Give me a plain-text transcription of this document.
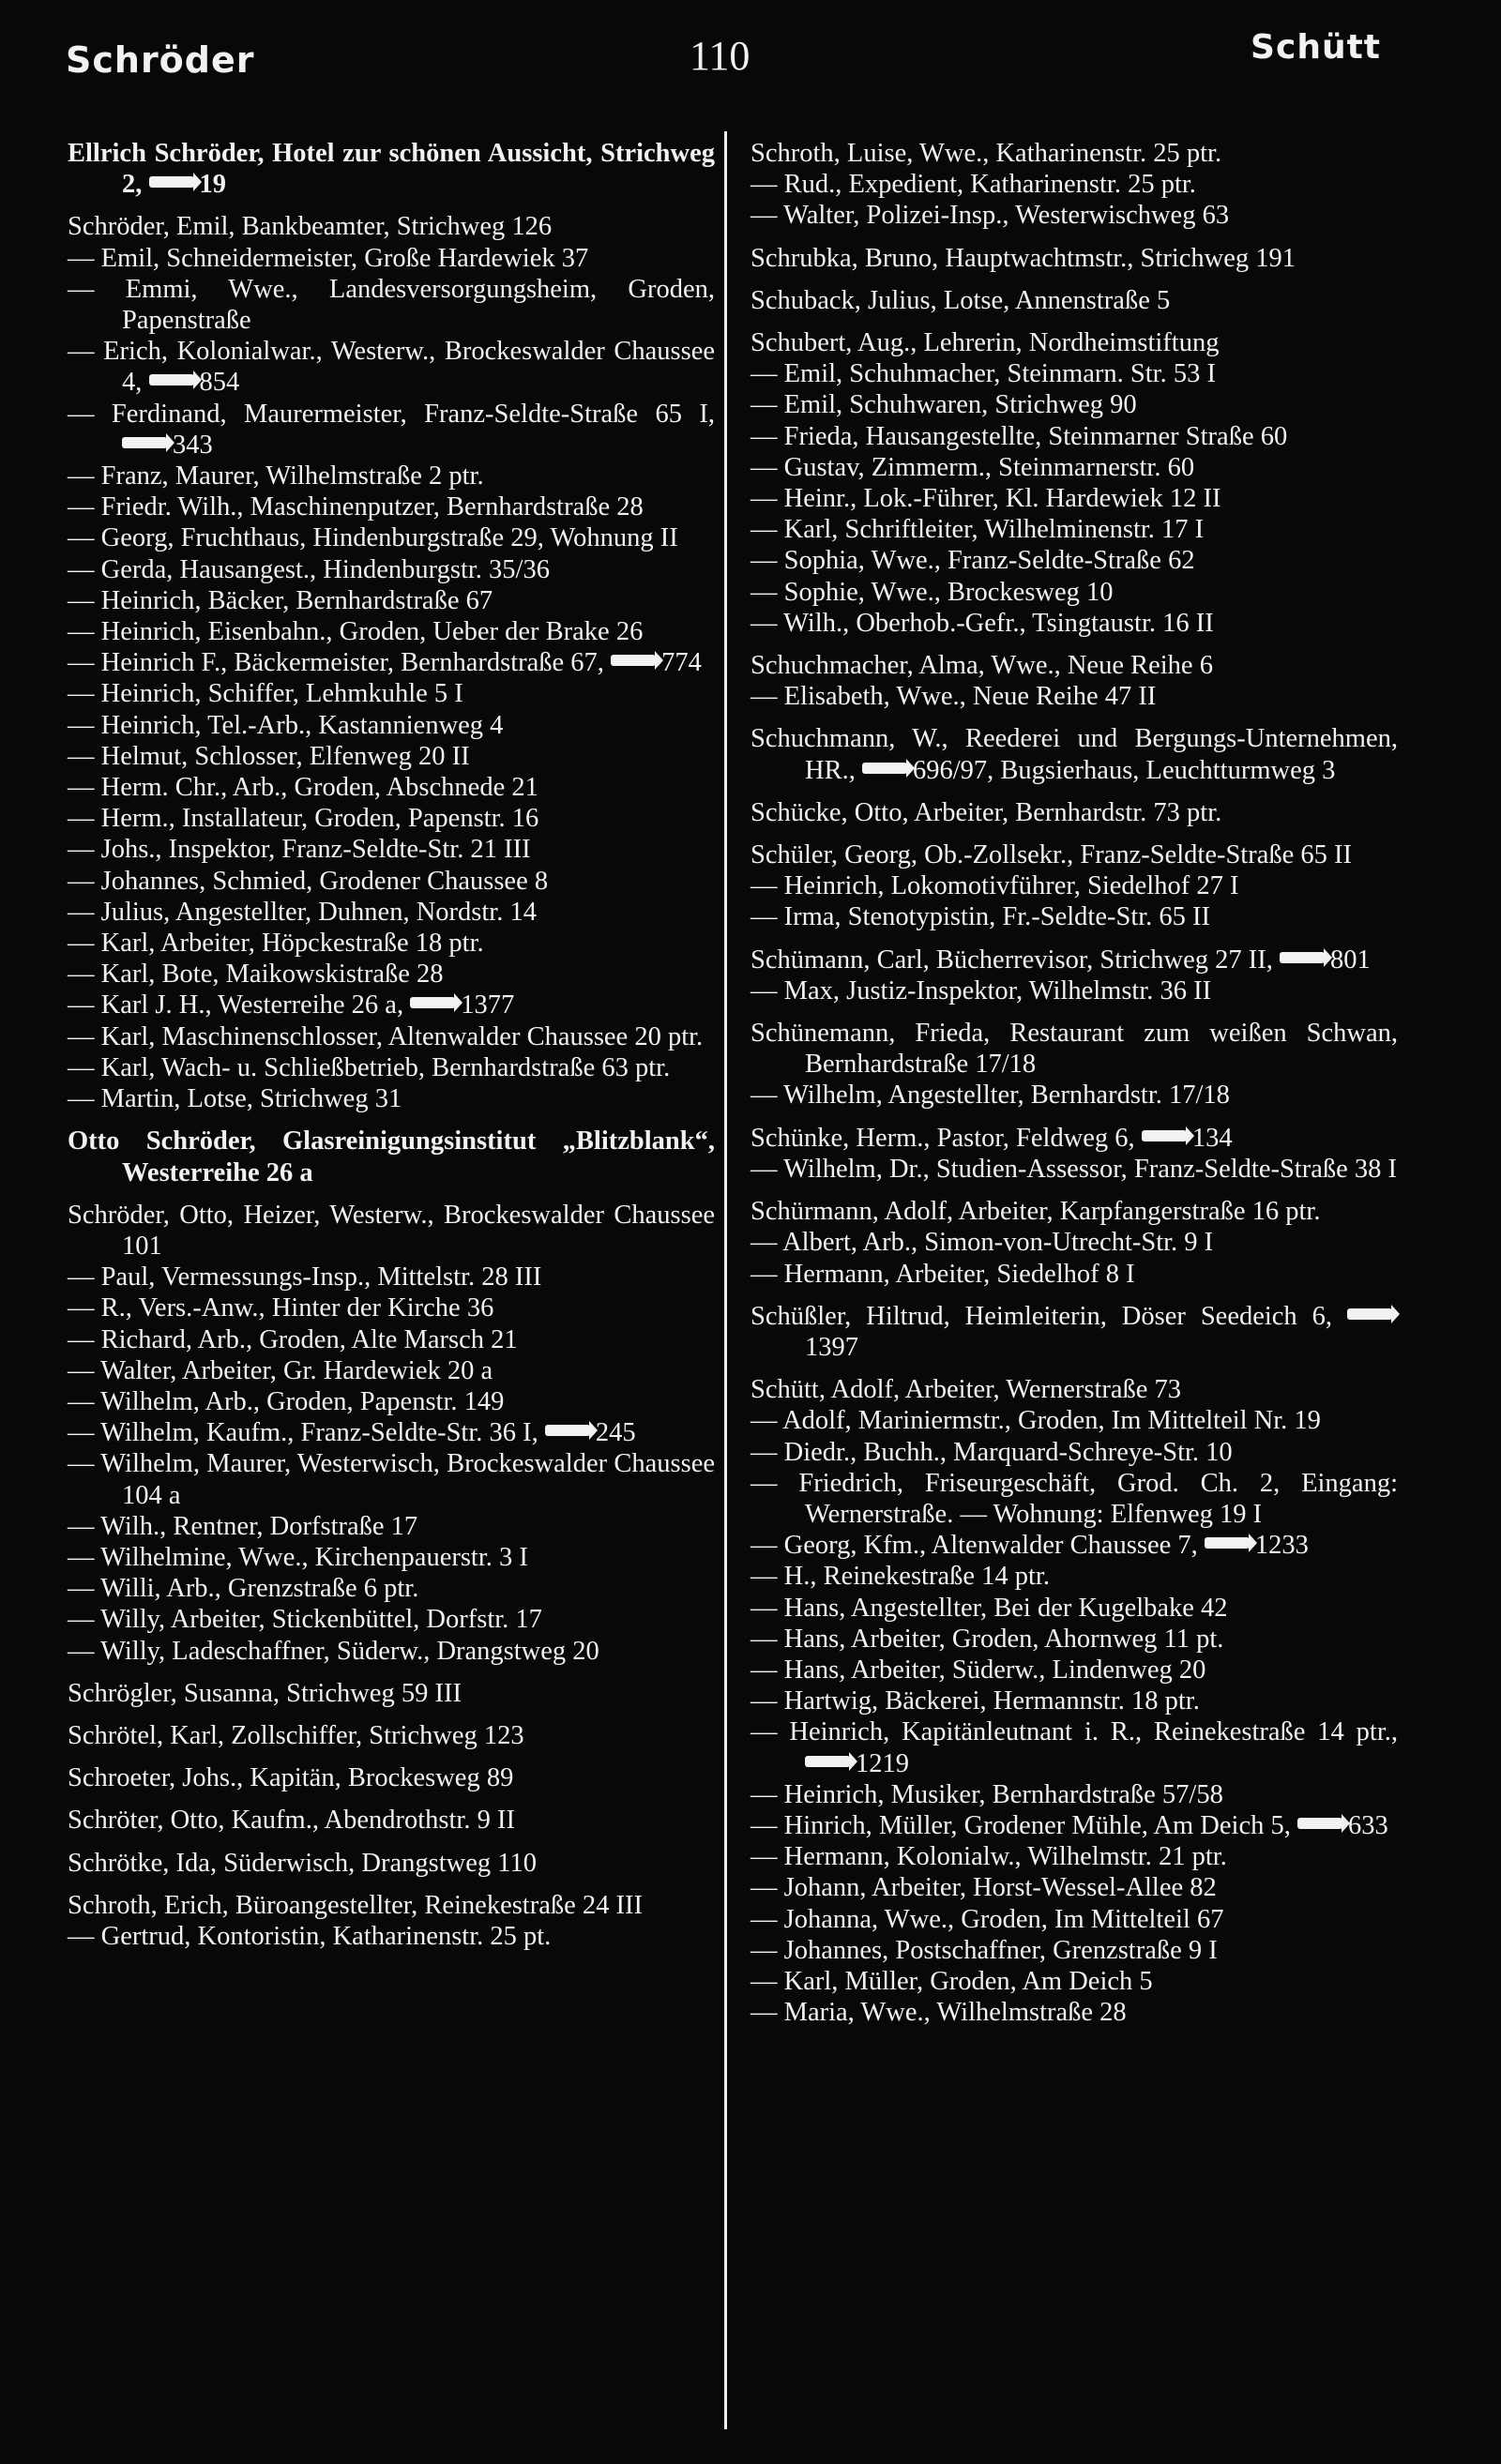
Schröder	110	Schütt
Ellrich Schröder, Hotel zur schönen Aussicht, Strichweg 2, 19
Schröder, Emil, Bankbeamter, Strichweg 126
— Emil, Schneidermeister, Große Hardewiek 37
— Emmi, Wwe., Landesversorgungsheim, Groden, Papenstraße
— Erich, Kolonialwar., Westerw., Brockeswalder Chaussee 4, 854
— Ferdinand, Maurermeister, Franz-Seldte-Straße 65 I, 343
— Franz, Maurer, Wilhelmstraße 2 ptr.
— Friedr. Wilh., Maschinenputzer, Bernhardstraße 28
— Georg, Fruchthaus, Hindenburgstraße 29, Wohnung II
— Gerda, Hausangest., Hindenburgstr. 35/36
— Heinrich, Bäcker, Bernhardstraße 67
— Heinrich, Eisenbahn., Groden, Ueber der Brake 26
— Heinrich F., Bäckermeister, Bernhardstraße 67, 774
— Heinrich, Schiffer, Lehmkuhle 5 I
— Heinrich, Tel.-Arb., Kastannienweg 4
— Helmut, Schlosser, Elfenweg 20 II
— Herm. Chr., Arb., Groden, Abschnede 21
— Herm., Installateur, Groden, Papenstr. 16
— Johs., Inspektor, Franz-Seldte-Str. 21 III
— Johannes, Schmied, Grodener Chaussee 8
— Julius, Angestellter, Duhnen, Nordstr. 14
— Karl, Arbeiter, Höpckestraße 18 ptr.
— Karl, Bote, Maikowskistraße 28
— Karl J. H., Westerreihe 26 a, 1377
— Karl, Maschinenschlosser, Altenwalder Chaussee 20 ptr.
— Karl, Wach- u. Schließbetrieb, Bernhardstraße 63 ptr.
— Martin, Lotse, Strichweg 31
Otto Schröder, Glasreinigungsinstitut „Blitzblank“, Westerreihe 26 a
Schröder, Otto, Heizer, Westerw., Brockeswalder Chaussee 101
— Paul, Vermessungs-Insp., Mittelstr. 28 III
— R., Vers.-Anw., Hinter der Kirche 36
— Richard, Arb., Groden, Alte Marsch 21
— Walter, Arbeiter, Gr. Hardewiek 20 a
— Wilhelm, Arb., Groden, Papenstr. 149
— Wilhelm, Kaufm., Franz-Seldte-Str. 36 I, 245
— Wilhelm, Maurer, Westerwisch, Brockeswalder Chaussee 104 a
— Wilh., Rentner, Dorfstraße 17
— Wilhelmine, Wwe., Kirchenpauerstr. 3 I
— Willi, Arb., Grenzstraße 6 ptr.
— Willy, Arbeiter, Stickenbüttel, Dorfstr. 17
— Willy, Ladeschaffner, Süderw., Drangstweg 20
Schrögler, Susanna, Strichweg 59 III
Schrötel, Karl, Zollschiffer, Strichweg 123
Schroeter, Johs., Kapitän, Brockesweg 89
Schröter, Otto, Kaufm., Abendrothstr. 9 II
Schrötke, Ida, Süderwisch, Drangstweg 110
Schroth, Erich, Büroangestellter, Reinekestraße 24 III
— Gertrud, Kontoristin, Katharinenstr. 25 pt.
Schroth, Luise, Wwe., Katharinenstr. 25 ptr.
— Rud., Expedient, Katharinenstr. 25 ptr.
— Walter, Polizei-Insp., Westerwischweg 63
Schrubka, Bruno, Hauptwachtmstr., Strichweg 191
Schuback, Julius, Lotse, Annenstraße 5
Schubert, Aug., Lehrerin, Nordheimstiftung
— Emil, Schuhmacher, Steinmarn. Str. 53 I
— Emil, Schuhwaren, Strichweg 90
— Frieda, Hausangestellte, Steinmarner Straße 60
— Gustav, Zimmerm., Steinmarnerstr. 60
— Heinr., Lok.-Führer, Kl. Hardewiek 12 II
— Karl, Schriftleiter, Wilhelminenstr. 17 I
— Sophia, Wwe., Franz-Seldte-Straße 62
— Sophie, Wwe., Brockesweg 10
— Wilh., Oberhob.-Gefr., Tsingtaustr. 16 II
Schuchmacher, Alma, Wwe., Neue Reihe 6
— Elisabeth, Wwe., Neue Reihe 47 II
Schuchmann, W., Reederei und Bergungs-Unternehmen, HR., 696/97, Bugsierhaus, Leuchtturmweg 3
Schücke, Otto, Arbeiter, Bernhardstr. 73 ptr.
Schüler, Georg, Ob.-Zollsekr., Franz-Seldte-Straße 65 II
— Heinrich, Lokomotivführer, Siedelhof 27 I
— Irma, Stenotypistin, Fr.-Seldte-Str. 65 II
Schümann, Carl, Bücherrevisor, Strichweg 27 II, 801
— Max, Justiz-Inspektor, Wilhelmstr. 36 II
Schünemann, Frieda, Restaurant zum weißen Schwan, Bernhardstraße 17/18
— Wilhelm, Angestellter, Bernhardstr. 17/18
Schünke, Herm., Pastor, Feldweg 6, 134
— Wilhelm, Dr., Studien-Assessor, Franz-Seldte-Straße 38 I
Schürmann, Adolf, Arbeiter, Karpfangerstraße 16 ptr.
— Albert, Arb., Simon-von-Utrecht-Str. 9 I
— Hermann, Arbeiter, Siedelhof 8 I
Schüßler, Hiltrud, Heimleiterin, Döser Seedeich 6, 1397
Schütt, Adolf, Arbeiter, Wernerstraße 73
— Adolf, Mariniermstr., Groden, Im Mittelteil Nr. 19
— Diedr., Buchh., Marquard-Schreye-Str. 10
— Friedrich, Friseurgeschäft, Grod. Ch. 2, Eingang: Wernerstraße. — Wohnung: Elfenweg 19 I
— Georg, Kfm., Altenwalder Chaussee 7, 1233
— H., Reinekestraße 14 ptr.
— Hans, Angestellter, Bei der Kugelbake 42
— Hans, Arbeiter, Groden, Ahornweg 11 pt.
— Hans, Arbeiter, Süderw., Lindenweg 20
— Hartwig, Bäckerei, Hermannstr. 18 ptr.
— Heinrich, Kapitänleutnant i. R., Reinekestraße 14 ptr., 1219
— Heinrich, Musiker, Bernhardstraße 57/58
— Hinrich, Müller, Grodener Mühle, Am Deich 5, 633
— Hermann, Kolonialw., Wilhelmstr. 21 ptr.
— Johann, Arbeiter, Horst-Wessel-Allee 82
— Johanna, Wwe., Groden, Im Mittelteil 67
— Johannes, Postschaffner, Grenzstraße 9 I
— Karl, Müller, Groden, Am Deich 5
— Maria, Wwe., Wilhelmstraße 28
